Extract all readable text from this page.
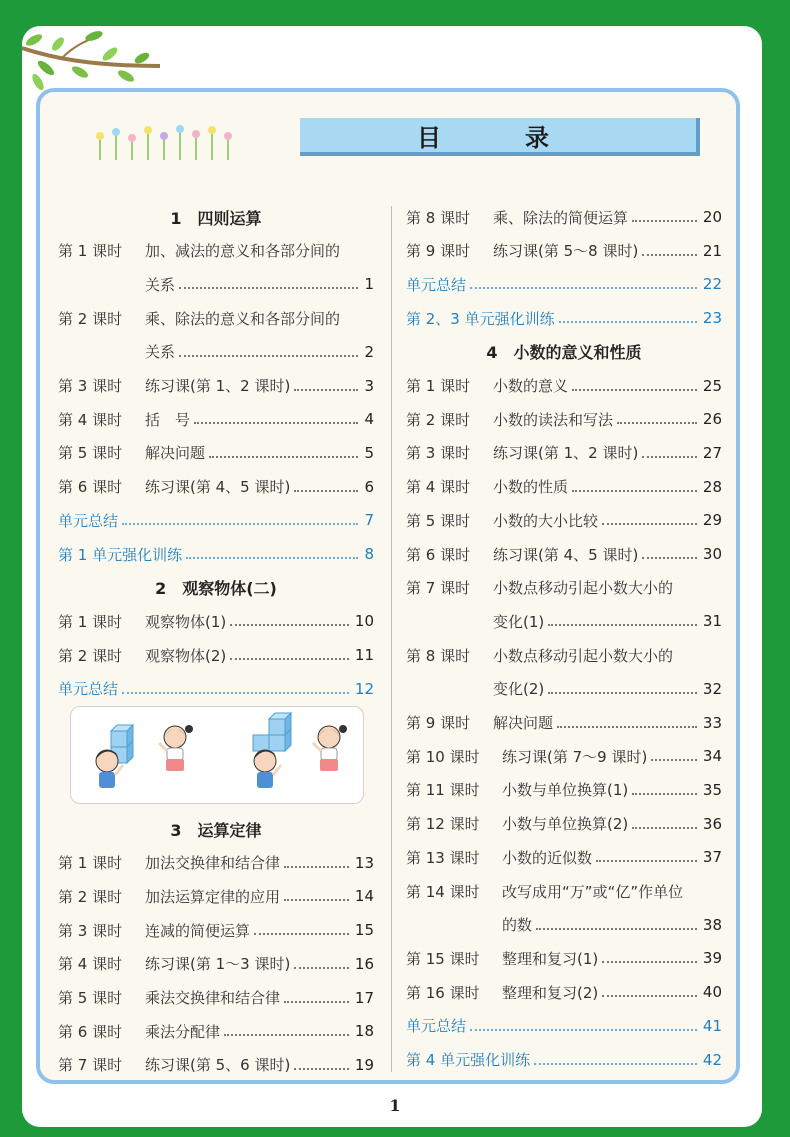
目　录
1　四则运算
第 1 课时	加、减法的意义和各部分间的
关系	1
第 2 课时	乘、除法的意义和各部分间的
关系	2
第 3 课时	练习课(第 1、2 课时)	3
第 4 课时	括　号	4
第 5 课时	解决问题	5
第 6 课时	练习课(第 4、5 课时)	6
单元总结	7
第 1 单元强化训练	8
2　观察物体(二)
第 1 课时	观察物体(1)	10
第 2 课时	观察物体(2)	11
单元总结	12
3　运算定律
第 1 课时	加法交换律和结合律	13
第 2 课时	加法运算定律的应用	14
第 3 课时	连减的简便运算	15
第 4 课时	练习课(第 1～3 课时)	16
第 5 课时	乘法交换律和结合律	17
第 6 课时	乘法分配律	18
第 7 课时	练习课(第 5、6 课时)	19
第 8 课时	乘、除法的简便运算	20
第 9 课时	练习课(第 5～8 课时)	21
单元总结	22
第 2、3 单元强化训练	23
4　小数的意义和性质
第 1 课时	小数的意义	25
第 2 课时	小数的读法和写法	26
第 3 课时	练习课(第 1、2 课时)	27
第 4 课时	小数的性质	28
第 5 课时	小数的大小比较	29
第 6 课时	练习课(第 4、5 课时)	30
第 7 课时	小数点移动引起小数大小的
变化(1)	31
第 8 课时	小数点移动引起小数大小的
变化(2)	32
第 9 课时	解决问题	33
第 10 课时	练习课(第 7～9 课时)	34
第 11 课时	小数与单位换算(1)	35
第 12 课时	小数与单位换算(2)	36
第 13 课时	小数的近似数	37
第 14 课时	改写成用“万”或“亿”作单位
的数	38
第 15 课时	整理和复习(1)	39
第 16 课时	整理和复习(2)	40
单元总结	41
第 4 单元强化训练	42
1
